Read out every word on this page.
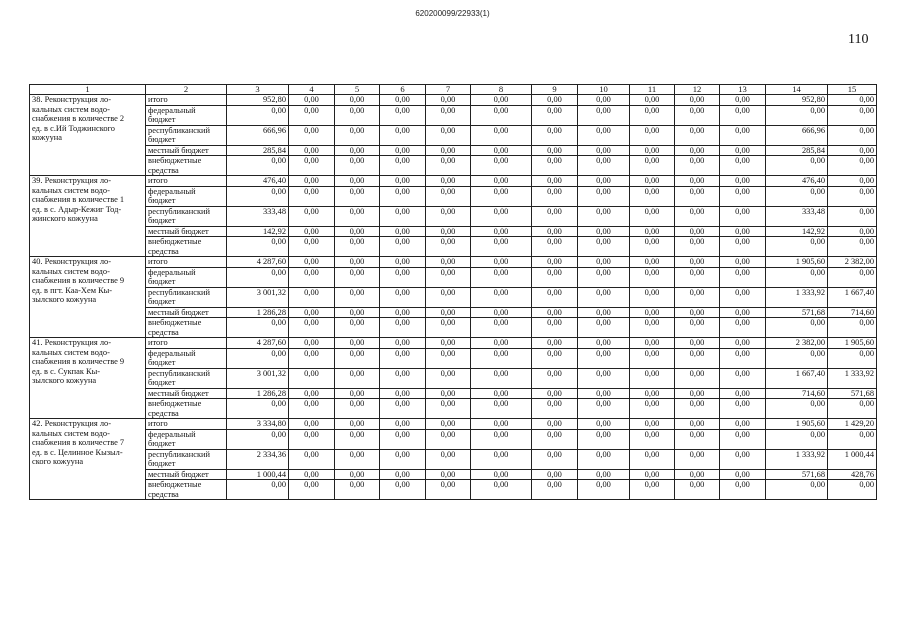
620200099/22933(1)
110
1	2	3	4	5	6	7	8	9	10	11	12	13	14	15

38. Реконструкция ло-
кальных систем водо-
снабжения в количестве 2
ед. в с.Ий Тоджинского
кожууна	итого	952,80	0,00	0,00	0,00	0,00	0,00	0,00	0,00	0,00	0,00	0,00	952,80	0,00
	федеральный бюджет	0,00	0,00	0,00	0,00	0,00	0,00	0,00	0,00	0,00	0,00	0,00	0,00	0,00
	республиканский бюджет	666,96	0,00	0,00	0,00	0,00	0,00	0,00	0,00	0,00	0,00	0,00	666,96	0,00
	местный бюджет	285,84	0,00	0,00	0,00	0,00	0,00	0,00	0,00	0,00	0,00	0,00	285,84	0,00
	внебюджетные средства	0,00	0,00	0,00	0,00	0,00	0,00	0,00	0,00	0,00	0,00	0,00	0,00	0,00

39. Реконструкция ло-
кальных систем водо-
снабжения в количестве 1
ед. в с. Адыр-Кежиг Тод-
жинского кожууна	итого	476,40	0,00	0,00	0,00	0,00	0,00	0,00	0,00	0,00	0,00	0,00	476,40	0,00
	федеральный бюджет	0,00	0,00	0,00	0,00	0,00	0,00	0,00	0,00	0,00	0,00	0,00	0,00	0,00
	республиканский бюджет	333,48	0,00	0,00	0,00	0,00	0,00	0,00	0,00	0,00	0,00	0,00	333,48	0,00
	местный бюджет	142,92	0,00	0,00	0,00	0,00	0,00	0,00	0,00	0,00	0,00	0,00	142,92	0,00
	внебюджетные средства	0,00	0,00	0,00	0,00	0,00	0,00	0,00	0,00	0,00	0,00	0,00	0,00	0,00

40. Реконструкция ло-
кальных систем водо-
снабжения в количестве 9
ед. в пгт. Каа-Хем Кы-
зылского кожууна	итого	4 287,60	0,00	0,00	0,00	0,00	0,00	0,00	0,00	0,00	0,00	0,00	1 905,60	2 382,00
	федеральный бюджет	0,00	0,00	0,00	0,00	0,00	0,00	0,00	0,00	0,00	0,00	0,00	0,00	0,00
	республиканский бюджет	3 001,32	0,00	0,00	0,00	0,00	0,00	0,00	0,00	0,00	0,00	0,00	1 333,92	1 667,40
	местный бюджет	1 286,28	0,00	0,00	0,00	0,00	0,00	0,00	0,00	0,00	0,00	0,00	571,68	714,60
	внебюджетные средства	0,00	0,00	0,00	0,00	0,00	0,00	0,00	0,00	0,00	0,00	0,00	0,00	0,00

41. Реконструкция ло-
кальных систем водо-
снабжения в количестве 9
ед. в с. Сукпак Кы-
зылского кожууна	итого	4 287,60	0,00	0,00	0,00	0,00	0,00	0,00	0,00	0,00	0,00	0,00	2 382,00	1 905,60
	федеральный бюджет	0,00	0,00	0,00	0,00	0,00	0,00	0,00	0,00	0,00	0,00	0,00	0,00	0,00
	республиканский бюджет	3 001,32	0,00	0,00	0,00	0,00	0,00	0,00	0,00	0,00	0,00	0,00	1 667,40	1 333,92
	местный бюджет	1 286,28	0,00	0,00	0,00	0,00	0,00	0,00	0,00	0,00	0,00	0,00	714,60	571,68
	внебюджетные средства	0,00	0,00	0,00	0,00	0,00	0,00	0,00	0,00	0,00	0,00	0,00	0,00	0,00

42. Реконструкция ло-
кальных систем водо-
снабжения в количестве 7
ед. в с. Целинное Кызыл-
ского кожууна	итого	3 334,80	0,00	0,00	0,00	0,00	0,00	0,00	0,00	0,00	0,00	0,00	1 905,60	1 429,20
	федеральный бюджет	0,00	0,00	0,00	0,00	0,00	0,00	0,00	0,00	0,00	0,00	0,00	0,00	0,00
	республиканский бюджет	2 334,36	0,00	0,00	0,00	0,00	0,00	0,00	0,00	0,00	0,00	0,00	1 333,92	1 000,44
	местный бюджет	1 000,44	0,00	0,00	0,00	0,00	0,00	0,00	0,00	0,00	0,00	0,00	571,68	428,76
	внебюджетные средства	0,00	0,00	0,00	0,00	0,00	0,00	0,00	0,00	0,00	0,00	0,00	0,00	0,00
